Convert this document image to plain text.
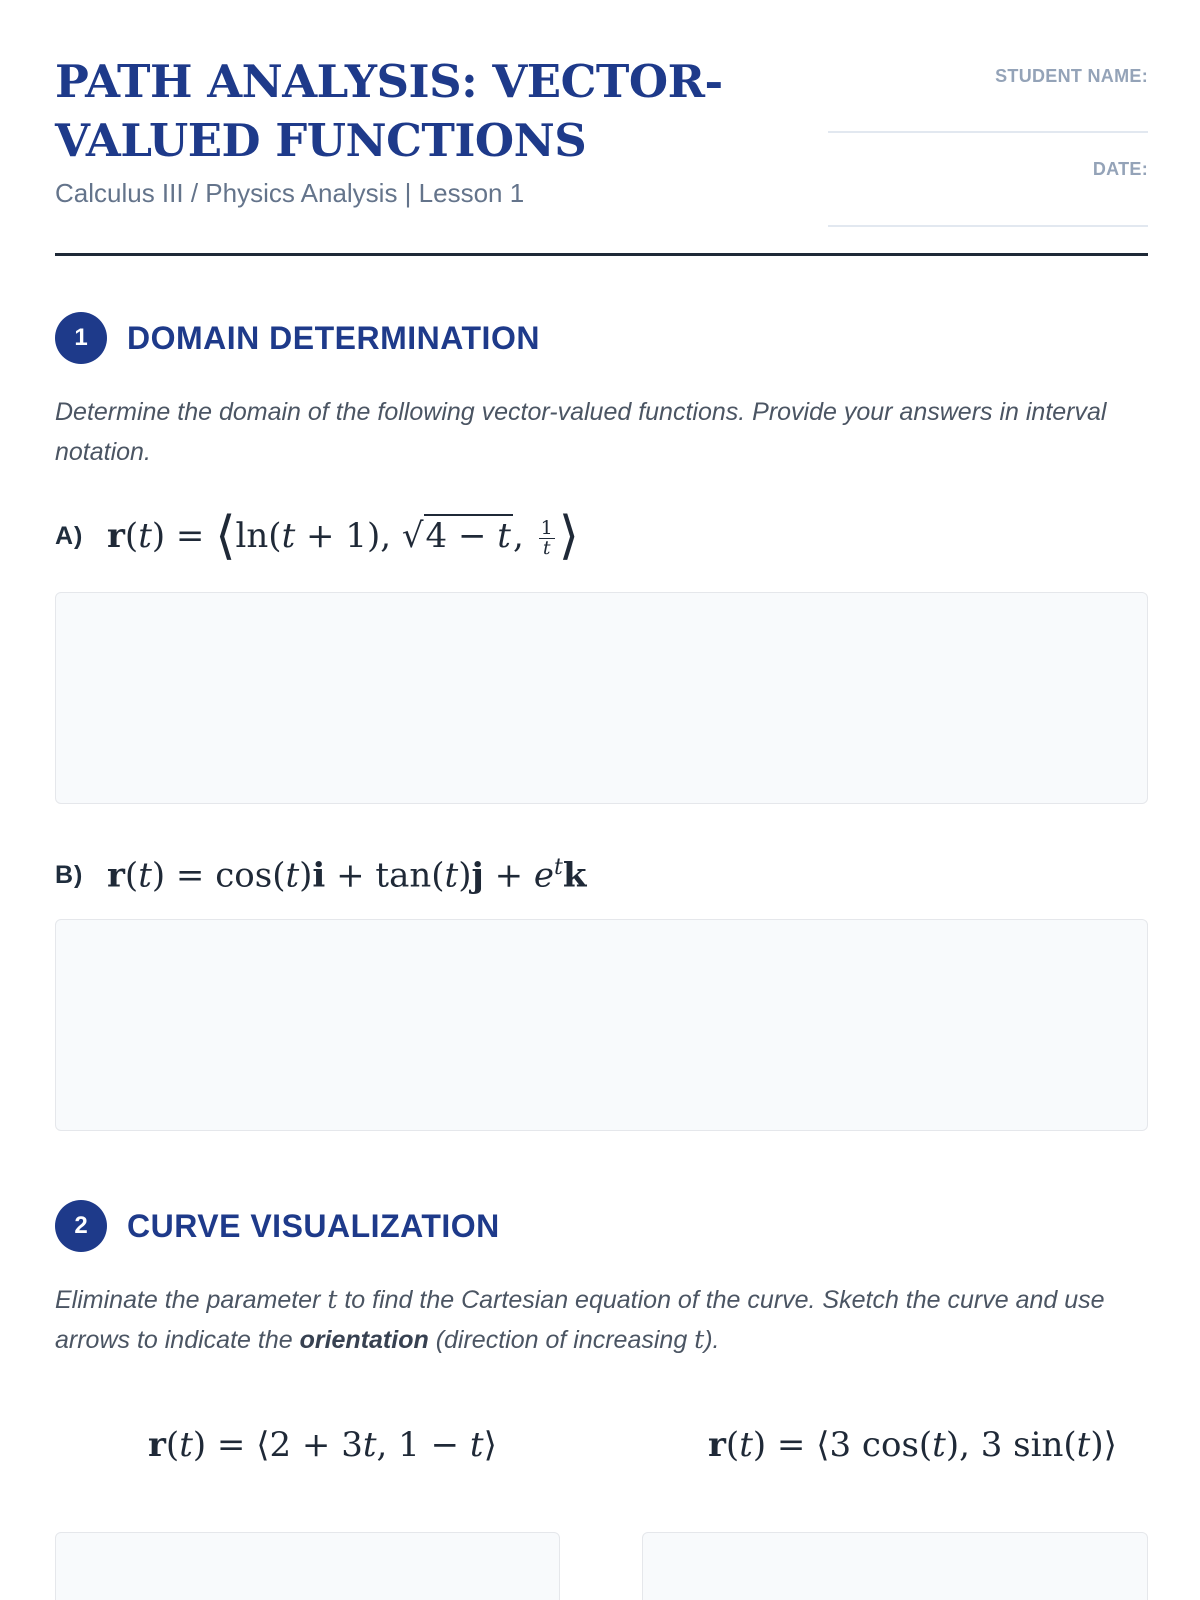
PATH ANALYSIS: VECTOR-VALUED FUNCTIONS
Calculus III / Physics Analysis | Lesson 1
STUDENT NAME:
DATE:
1	DOMAIN DETERMINATION

Determine the domain of the following vector-valued functions. Provide your answers in interval notation.

A) r(t) = ⟨ln(t + 1), √4 − t, $\frac{1}{t}$ ⟩
B) $r(t) = \cos(t)i + \tan(t)j + e^tk$
2	CURVE VISUALIZATION

Eliminate the parameter t to find the Cartesian equation of the curve. Sketch the curve and use arrows to indicate the orientation (direction of increasing t).

r(t) = ⟨2 + 3t, 1 − t⟩	r(t) = ⟨3 cos(t), 3 sin(t)⟩
